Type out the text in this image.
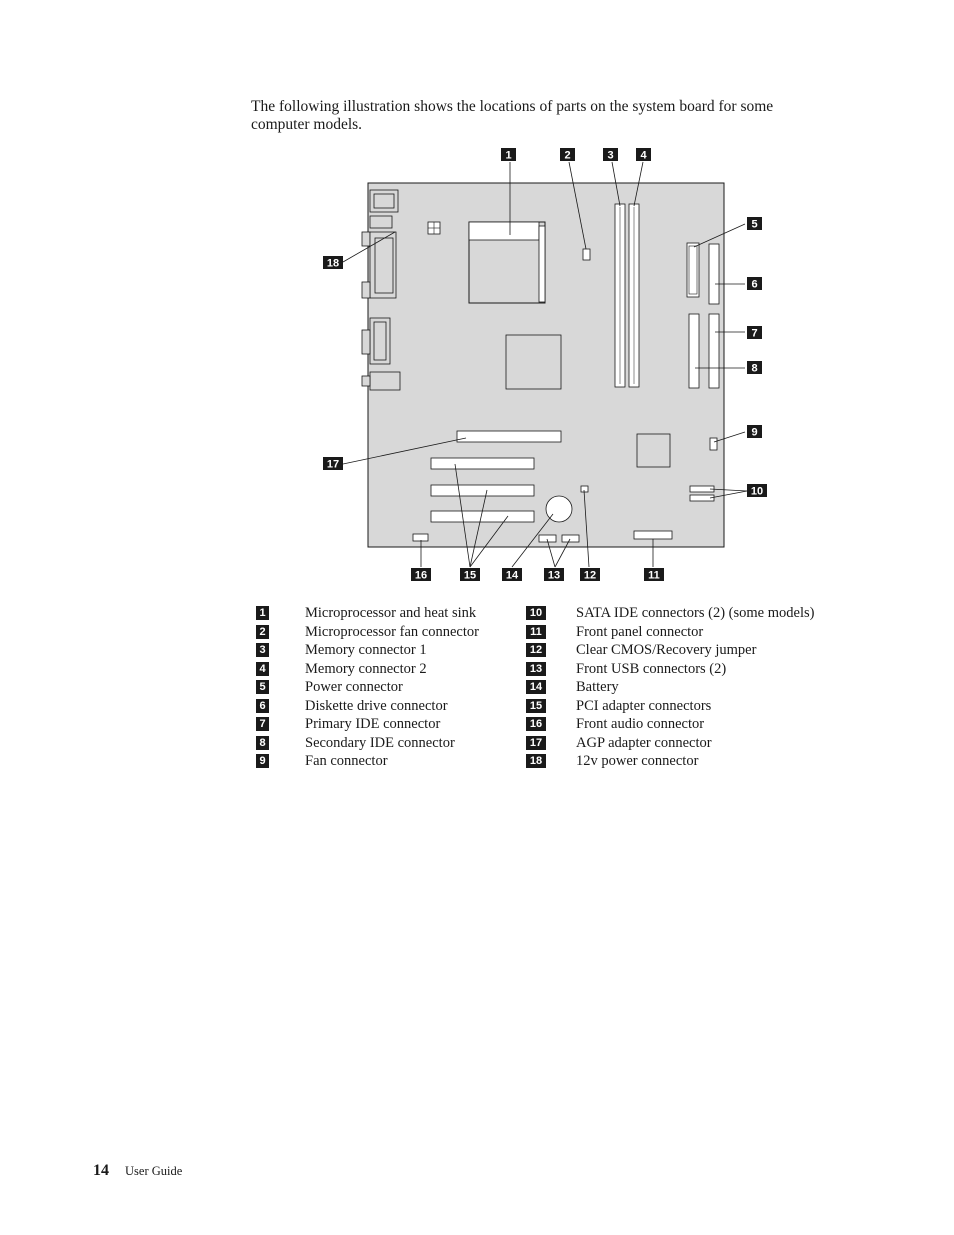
The following illustration shows the locations of parts on the system board for some computer models.

1	2	3 4
5
6
7
8
9
10
11
12
13
14
15
16
17
18
1	Microprocessor and heat sink
2	Microprocessor fan connector
3	Memory connector 1
4	Memory connector 2
5	Power connector
6	Diskette drive connector
7	Primary IDE connector
8	Secondary IDE connector
9	Fan connector
10 SATA IDE connectors (2) (some models)
11 Front panel connector
12 Clear CMOS/Recovery jumper
13 Front USB connectors (2)
14 Battery
15 PCI adapter connectors
16 Front audio connector
17 AGP adapter connector
18 12v power connector
14 User Guide
